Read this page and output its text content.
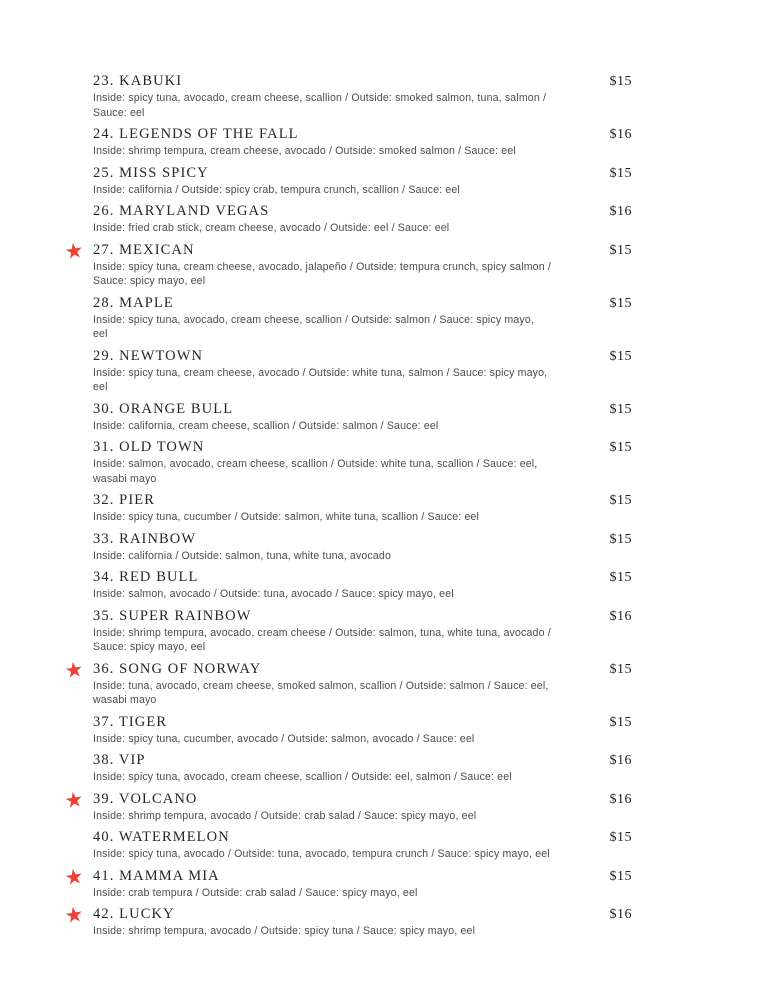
23. KABUKI	$15
Inside: spicy tuna, avocado, cream cheese, scallion / Outside: smoked salmon, tuna, salmon / Sauce: eel
24. LEGENDS OF THE FALL	$16
Inside: shrimp tempura, cream cheese, avocado / Outside: smoked salmon / Sauce: eel
25. MISS SPICY	$15
Inside: california / Outside: spicy crab, tempura crunch, scallion / Sauce: eel
26. MARYLAND VEGAS	$16
Inside: fried crab stick, cream cheese, avocado / Outside: eel / Sauce: eel
★ 27. MEXICAN	$15
Inside: spicy tuna, cream cheese, avocado, jalapeño / Outside: tempura crunch, spicy salmon / Sauce: spicy mayo, eel
28. MAPLE	$15
Inside: spicy tuna, avocado, cream cheese, scallion / Outside: salmon / Sauce: spicy mayo, eel
29. NEWTOWN	$15
Inside: spicy tuna, cream cheese, avocado / Outside: white tuna, salmon / Sauce: spicy mayo, eel
30. ORANGE BULL	$15
Inside: california, cream cheese, scallion / Outside: salmon / Sauce: eel
31. OLD TOWN	$15
Inside: salmon, avocado, cream cheese, scallion / Outside: white tuna, scallion / Sauce: eel, wasabi mayo
32. PIER	$15
Inside: spicy tuna, cucumber / Outside: salmon, white tuna, scallion / Sauce: eel
33. RAINBOW	$15
Inside: california / Outside: salmon, tuna, white tuna, avocado
34. RED BULL	$15
Inside: salmon, avocado / Outside: tuna, avocado / Sauce: spicy mayo, eel
35. SUPER RAINBOW	$16
Inside: shrimp tempura, avocado, cream cheese / Outside: salmon, tuna, white tuna, avocado / Sauce: spicy mayo, eel
★ 36. SONG OF NORWAY	$15
Inside: tuna, avocado, cream cheese, smoked salmon, scallion / Outside: salmon / Sauce: eel, wasabi mayo
37. TIGER	$15
Inside: spicy tuna, cucumber, avocado / Outside: salmon, avocado / Sauce: eel
38. VIP	$16
Inside: spicy tuna, avocado, cream cheese, scallion / Outside: eel, salmon / Sauce: eel
★ 39. VOLCANO	$16
Inside: shrimp tempura, avocado / Outside: crab salad / Sauce: spicy mayo, eel
40. WATERMELON	$15
Inside: spicy tuna, avocado / Outside: tuna, avocado, tempura crunch / Sauce: spicy mayo, eel
★ 41. MAMMA MIA	$15
Inside: crab tempura / Outside: crab salad / Sauce: spicy mayo, eel
★ 42. LUCKY	$16
Inside: shrimp tempura, avocado / Outside: spicy tuna / Sauce: spicy mayo, eel
